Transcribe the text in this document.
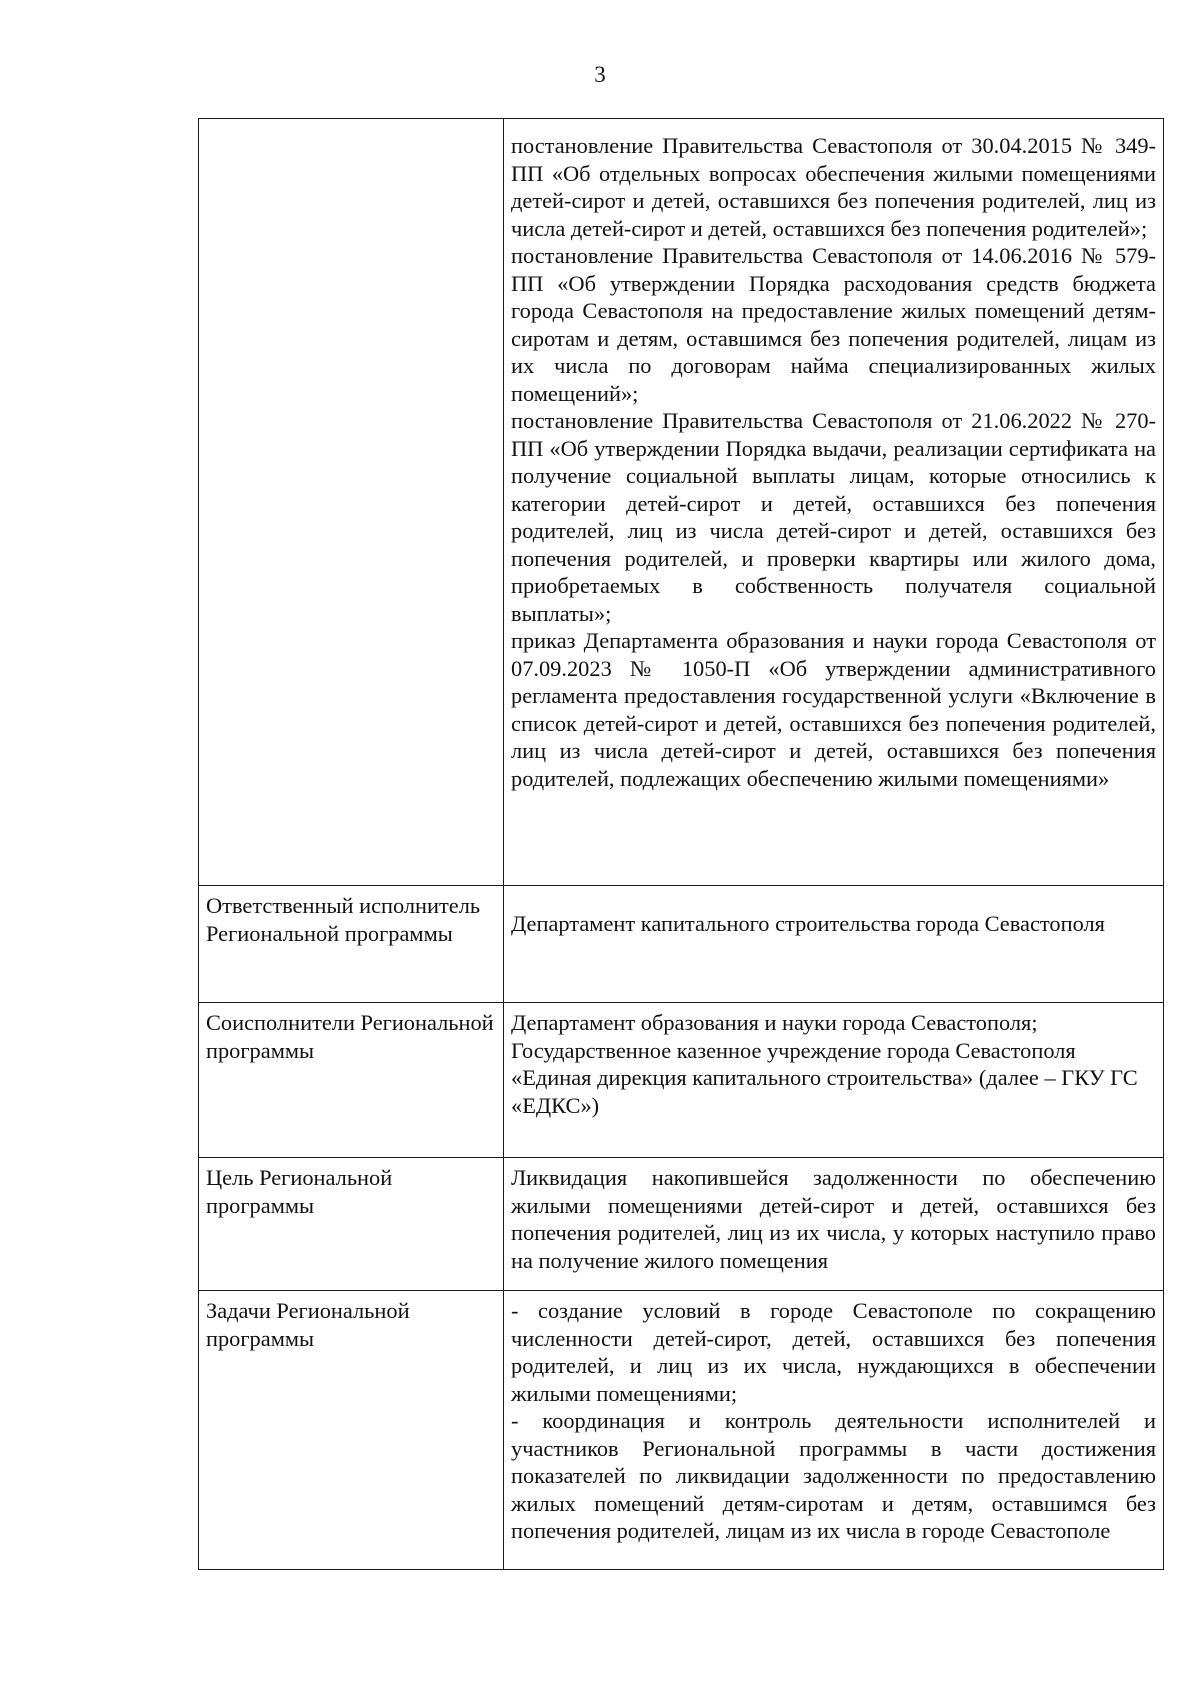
3

	постановление Правительства Севастополя от 30.04.2015 № 349-ПП «Об отдельных вопросах обеспечения жилыми помещениями детей-сирот и детей, оставшихся без попечения родителей, лиц из числа детей-сирот и детей, оставшихся без попечения родителей»;

постановление Правительства Севастополя от 14.06.2016 № 579-ПП «Об утверждении Порядка расходования средств бюджета города Севастополя на предоставление жилых помещений детям-сиротам и детям, оставшимся без попечения родителей, лицам из их числа по договорам найма специализированных жилых помещений»;

постановление Правительства Севастополя от 21.06.2022 № 270-ПП «Об утверждении Порядка выдачи, реализации сертификата на получение социальной выплаты лицам, которые относились к категории детей-сирот и детей, оставшихся без попечения родителей, лиц из числа детей-сирот и детей, оставшихся без попечения родителей, и проверки квартиры или жилого дома, приобретаемых в собственность получателя социальной выплаты»;

приказ Департамента образования и науки города Севастополя от 07.09.2023 № 1050-П «Об утверждении административного регламента предоставления государственной услуги «Включение в список детей-сирот и детей, оставшихся без попечения родителей, лиц из числа детей-сирот и детей, оставшихся без попечения родителей, подлежащих обеспечению жилыми помещениями»

Ответственный исполнитель Региональной программы	Департамент капитального строительства города Севастополя

Соисполнители Региональной программы	Департамент образования и науки города Севастополя;

Государственное казенное учреждение города Севастополя «Единая дирекция капитального строительства» (далее – ГКУ ГС «ЕДКС»)

Цель Региональной программы	Ликвидация накопившейся задолженности по обеспечению жилыми помещениями детей-сирот и детей, оставшихся без попечения родителей, лиц из их числа, у которых наступило право на получение жилого помещения

Задачи Региональной программы	- создание условий в городе Севастополе по сокращению численности детей-сирот, детей, оставшихся без попечения родителей, и лиц из их числа, нуждающихся в обеспечении жилыми помещениями;

- координация и контроль деятельности исполнителей и участников Региональной программы в части достижения показателей по ликвидации задолженности по предоставлению жилых помещений детям-сиротам и детям, оставшимся без попечения родителей, лицам из их числа в городе Севастополе
